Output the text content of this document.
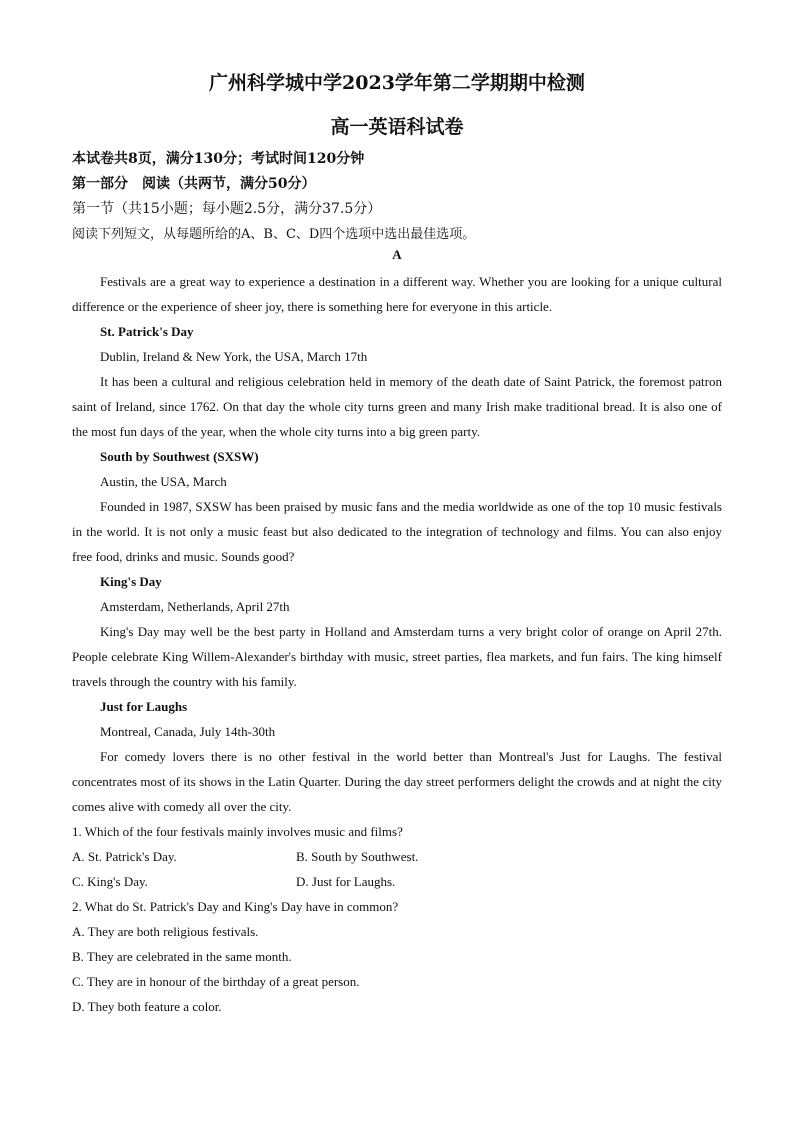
广州科学城中学2023学年第二学期期中检测
高一英语科试卷
本试卷共8页，满分130分；考试时间120分钟
第一部分　阅读（共两节，满分50分）
第一节（共15小题；每小题2.5分，满分37.5分）
阅读下列短文，从每题所给的A、B、C、D四个选项中选出最佳选项。
A

Festivals are a great way to experience a destination in a different way. Whether you are looking for a unique cultural difference or the experience of sheer joy, there is something here for everyone in this article.

St. Patrick's Day

Dublin, Ireland & New York, the USA, March 17th

It has been a cultural and religious celebration held in memory of the death date of Saint Patrick, the foremost patron saint of Ireland, since 1762. On that day the whole city turns green and many Irish make traditional bread. It is also one of the most fun days of the year, when the whole city turns into a big green party.

South by Southwest (SXSW)

Austin, the USA, March

Founded in 1987, SXSW has been praised by music fans and the media worldwide as one of the top 10 music festivals in the world. It is not only a music feast but also dedicated to the integration of technology and films. You can also enjoy free food, drinks and music. Sounds good?

King's Day

Amsterdam, Netherlands, April 27th

King's Day may well be the best party in Holland and Amsterdam turns a very bright color of orange on April 27th. People celebrate King Willem-Alexander's birthday with music, street parties, flea markets, and fun fairs. The king himself travels through the country with his family.

Just for Laughs

Montreal, Canada, July 14th-30th

For comedy lovers there is no other festival in the world better than Montreal's Just for Laughs. The festival concentrates most of its shows in the Latin Quarter. During the day street performers delight the crowds and at night the city comes alive with comedy all over the city.

1. Which of the four festivals mainly involves music and films?

A. St. Patrick's Day.	B. South by Southwest.
C. King's Day.	D. Just for Laughs.

2. What do St. Patrick's Day and King's Day have in common?

A. They are both religious festivals.

B. They are celebrated in the same month.

C. They are in honour of the birthday of a great person.

D. They both feature a color.
